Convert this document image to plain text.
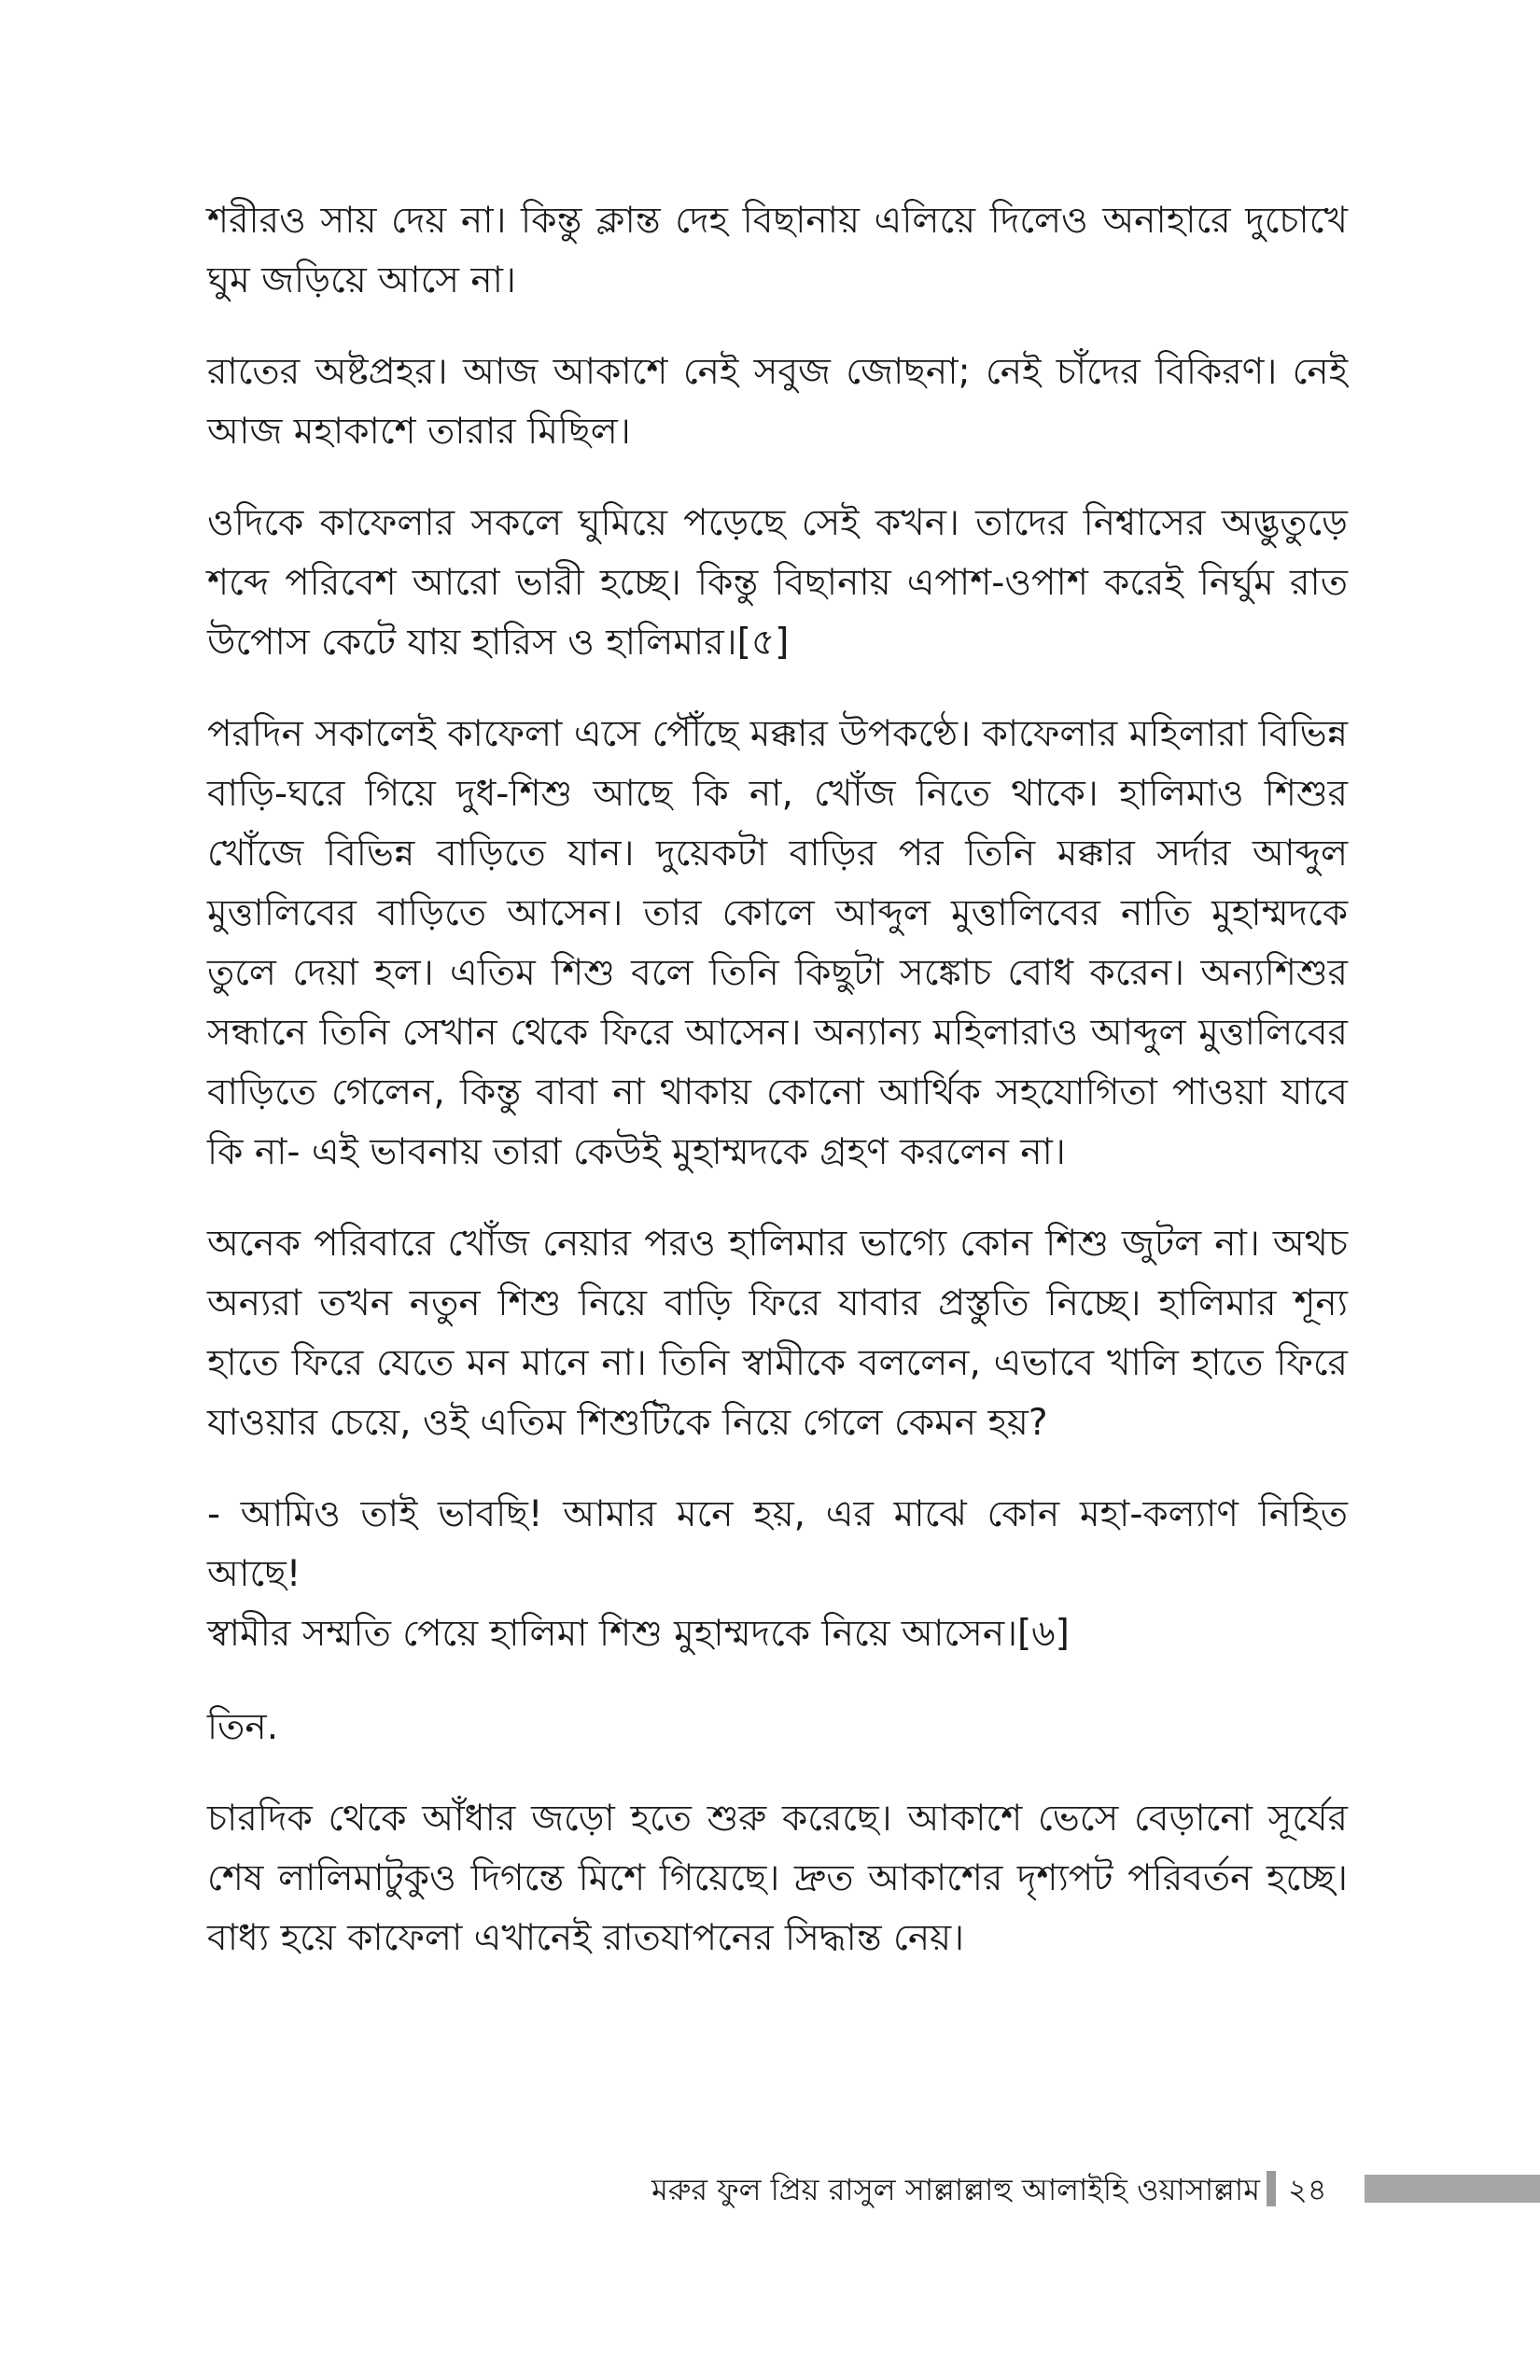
শরীরও সায় দেয় না। কিন্তু ক্লান্ত দেহ বিছানায় এলিয়ে দিলেও অনাহারে দুচোখে ঘুম জড়িয়ে আসে না।

রাতের অষ্টপ্রহর। আজ আকাশে নেই সবুজ জোছনা; নেই চাঁদের বিকিরণ। নেই আজ মহাকাশে তারার মিছিল।

ওদিকে কাফেলার সকলে ঘুমিয়ে পড়েছে সেই কখন। তাদের নিশ্বাসের অদ্ভুতুড়ে শব্দে পরিবেশ আরো ভারী হচ্ছে। কিন্তু বিছানায় এপাশ-ওপাশ করেই নির্ঘুম রাত উপোস কেটে যায় হারিস ও হালিমার।[৫]

পরদিন সকালেই কাফেলা এসে পৌঁছে মক্কার উপকণ্ঠে। কাফেলার মহিলারা বিভিন্ন বাড়ি-ঘরে গিয়ে দুধ-শিশু আছে কি না, খোঁজ নিতে থাকে। হালিমাও শিশুর খোঁজে বিভিন্ন বাড়িতে যান। দুয়েকটা বাড়ির পর তিনি মক্কার সর্দার আব্দুল মুত্তালিবের বাড়িতে আসেন। তার কোলে আব্দুল মুত্তালিবের নাতি মুহাম্মদকে তুলে দেয়া হল। এতিম শিশু বলে তিনি কিছুটা সঙ্কোচ বোধ করেন। অন্যশিশুর সন্ধানে তিনি সেখান থেকে ফিরে আসেন। অন্যান্য মহিলারাও আব্দুল মুত্তালিবের বাড়িতে গেলেন, কিন্তু বাবা না থাকায় কোনো আর্থিক সহযোগিতা পাওয়া যাবে কি না- এই ভাবনায় তারা কেউই মুহাম্মদকে গ্রহণ করলেন না।

অনেক পরিবারে খোঁজ নেয়ার পরও হালিমার ভাগ্যে কোন শিশু জুটল না। অথচ অন্যরা তখন নতুন শিশু নিয়ে বাড়ি ফিরে যাবার প্রস্তুতি নিচ্ছে। হালিমার শূন্য হাতে ফিরে যেতে মন মানে না। তিনি স্বামীকে বললেন, এভাবে খালি হাতে ফিরে যাওয়ার চেয়ে, ওই এতিম শিশুটিকে নিয়ে গেলে কেমন হয়?

- আমিও তাই ভাবছি! আমার মনে হয়, এর মাঝে কোন মহা-কল্যাণ নিহিত আছে!

স্বামীর সম্মতি পেয়ে হালিমা শিশু মুহাম্মদকে নিয়ে আসেন।[৬]

তিন.

চারদিক থেকে আঁধার জড়ো হতে শুরু করেছে। আকাশে ভেসে বেড়ানো সূর্যের শেষ লালিমাটুকুও দিগন্তে মিশে গিয়েছে। দ্রুত আকাশের দৃশ্যপট পরিবর্তন হচ্ছে। বাধ্য হয়ে কাফেলা এখানেই রাতযাপনের সিদ্ধান্ত নেয়।

মরুর ফুল প্রিয় রাসুল সাল্লাল্লাহু আলাইহি ওয়াসাল্লাম ২৪
